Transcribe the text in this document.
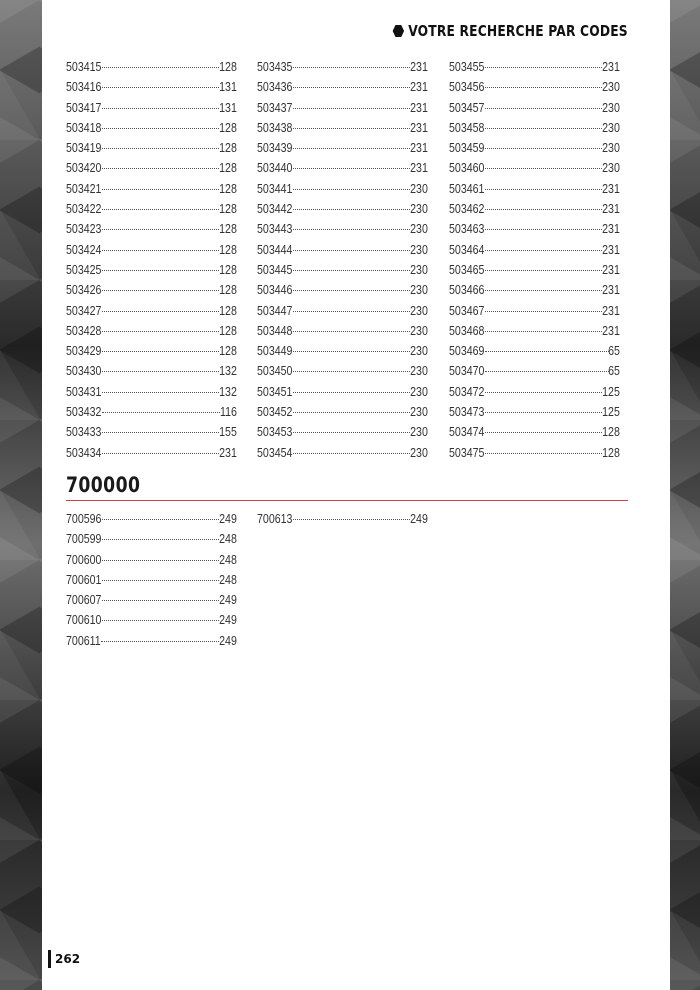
VOTRE RECHERCHE PAR CODES
503415	128
503416	131
503417	131
503418	128
503419	128
503420	128
503421	128
503422	128
503423	128
503424	128
503425	128
503426	128
503427	128
503428	128
503429	128
503430	132
503431	132
503432	116
503433	155
503434	231
503435	231
503436	231
503437	231
503438	231
503439	231
503440	231
503441	230
503442	230
503443	230
503444	230
503445	230
503446	230
503447	230
503448	230
503449	230
503450	230
503451	230
503452	230
503453	230
503454	230
503455	231
503456	230
503457	230
503458	230
503459	230
503460	230
503461	231
503462	231
503463	231
503464	231
503465	231
503466	231
503467	231
503468	231
503469	65
503470	65
503472	125
503473	125
503474	128
503475	128
700000
700596	249
700599	248
700600	248
700601	248
700607	249
700610	249
700611	249
700613	249
262
